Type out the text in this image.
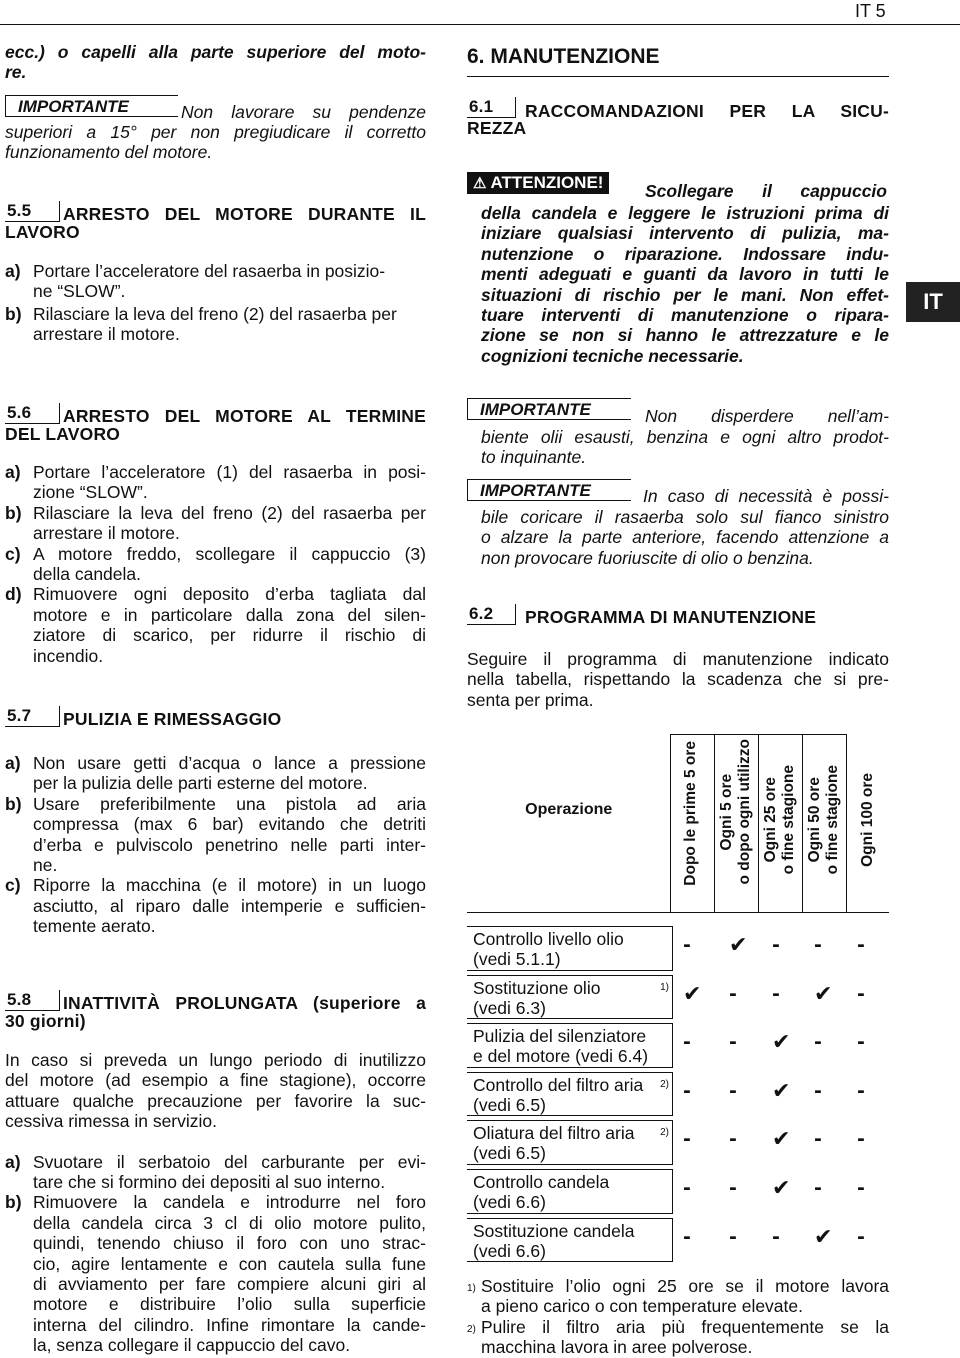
IT 5
IT
ecc.) o capelli alla parte superiore del moto-
re.
IMPORTANTE	Non lavorare su pendenze
superiori a 15° per non pregiudicare il corretto
funzionamento del motore.
5.5 ARRESTO DEL MOTORE DURANTE IL
LAVORO
a) Portare l’acceleratore del rasaerba in posizio-
ne “SLOW”.
b) Rilasciare la leva del freno (2) del rasaerba per
arrestare il motore.
5.6 ARRESTO DEL MOTORE AL TERMINE
DEL LAVORO
a) Portare l’acceleratore (1) del rasaerba in posi-
zione “SLOW”.
b) Rilasciare la leva del freno (2) del rasaerba per
arrestare il motore.
c) A motore freddo, scollegare il cappuccio (3)
della candela.
d) Rimuovere ogni deposito d’erba tagliata dal
motore e in particolare dalla zona del silen-
ziatore di scarico, per ridurre il rischio di
incendio.
5.7 PULIZIA E RIMESSAGGIO
a) Non usare getti d’acqua o lance a pressione
per la pulizia delle parti esterne del motore.
b) Usare preferibilmente una pistola ad aria
compressa (max 6 bar) evitando che detriti
d’erba e pulviscolo penetrino nelle parti inter-
ne.
c) Riporre la macchina (e il motore) in un luogo
asciutto, al riparo dalle intemperie e sufficien-
temente aerato.
5.8 INATTIVITÀ PROLUNGATA (superiore a
30 giorni)
In caso si preveda un lungo periodo di inutilizzo
del motore (ad esempio a fine stagione), occorre
attuare qualche precauzione per favorire la suc-
cessiva rimessa in servizio.
a) Svuotare il serbatoio del carburante per evi-
tare che si formino dei depositi al suo interno.
b) Rimuovere la candela e introdurre nel foro
della candela circa 3 cl di olio motore pulito,
quindi, tenendo chiuso il foro con uno strac-
cio, agire lentamente e con cautela sulla fune
di avviamento per fare compiere alcuni giri al
motore e distribuire l’olio sulla superficie
interna del cilindro. Infine rimontare la cande-
la, senza collegare il cappuccio del cavo.
6. MANUTENZIONE
6.1 RACCOMANDAZIONI PER LA SICU-
REZZA
⚠ ATTENZIONE!	Scollegare il cappuccio
della candela e leggere le istruzioni prima di
iniziare qualsiasi intervento di pulizia, ma-
nutenzione o riparazione. Indossare indu-
menti adeguati e guanti da lavoro in tutti le
situazioni di rischio per le mani. Non effet-
tuare interventi di manutenzione o ripara-
zione se non si hanno le attrezzature e le
cognizioni tecniche necessarie.
IMPORTANTE	Non disperdere nell’am-
biente olii esausti, benzina e ogni altro prodot-
to inquinante.
IMPORTANTE	In caso di necessità è possi-
bile coricare il rasaerba solo sul fianco sinistro
o alzare la parte anteriore, facendo attenzione a
non provocare fuoriuscite di olio o benzina.
6.2 PROGRAMMA DI MANUTENZIONE
Seguire il programma di manutenzione indicato
nella tabella, rispettando la scadenza che si pre-
senta per prima.
Operazione	Dopo le prime 5 ore	Ogni 5 ore o dopo ogni utilizzo	Ogni 25 ore o fine stagione	Ogni 50 ore o fine stagione	Ogni 100 ore
Controllo livello olio
(vedi 5.1.1)
- ✔ - - -
Sostituzione olio	1)
(vedi 6.3)
✔ - - ✔ -
Pulizia del silenziatore
e del motore (vedi 6.4)
- - ✔ - -
Controllo del filtro aria	2)
(vedi 6.5)
- - ✔ - -
Oliatura del filtro aria	2)
(vedi 6.5)
- - ✔ - -
Controllo candela
(vedi 6.6)
- - ✔ - -
Sostituzione candela
(vedi 6.6)
- - - ✔ -
1) Sostituire l’olio ogni 25 ore se il motore lavora
a pieno carico o con temperature elevate.
2) Pulire il filtro aria più frequentemente se la
macchina lavora in aree polverose.
